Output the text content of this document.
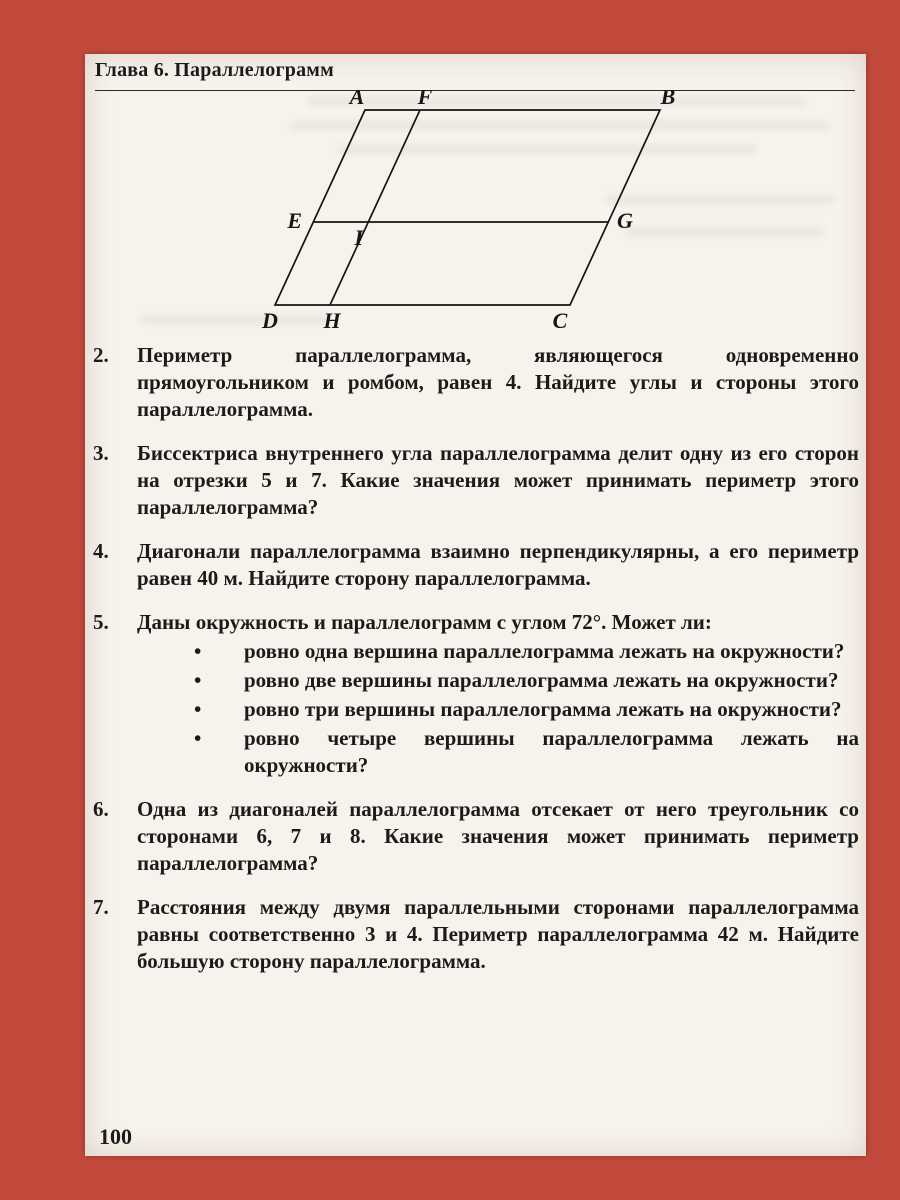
Глава 6. Параллелограмм
A F	B
E	G
I
D H	C
2.	Периметр параллелограмма, являющегося одновременно прямоугольником и ромбом, равен 4. Найдите углы и стороны этого параллелограмма.
3.	Биссектриса внутреннего угла параллелограмма делит одну из его сторон на отрезки 5 и 7. Какие значения может принимать периметр этого параллелограмма?
4.	Диагонали параллелограмма взаимно перпендикулярны, а его периметр равен 40 м. Найдите сторону параллелограмма.
5.	Даны окружность и параллелограмм с углом 72°. Может ли:
•	ровно одна вершина параллелограмма лежать на окружности?
•	ровно две вершины параллелограмма лежать на окружности?
•	ровно три вершины параллелограмма лежать на окружности?
•	ровно четыре вершины параллелограмма лежать на окружности?
6.	Одна из диагоналей параллелограмма отсекает от него треугольник со сторонами 6, 7 и 8. Какие значения может принимать периметр параллелограмма?
7.	Расстояния между двумя параллельными сторонами параллелограмма равны соответственно 3 и 4. Периметр параллелограмма 42 м. Найдите большую сторону параллелограмма.
100
